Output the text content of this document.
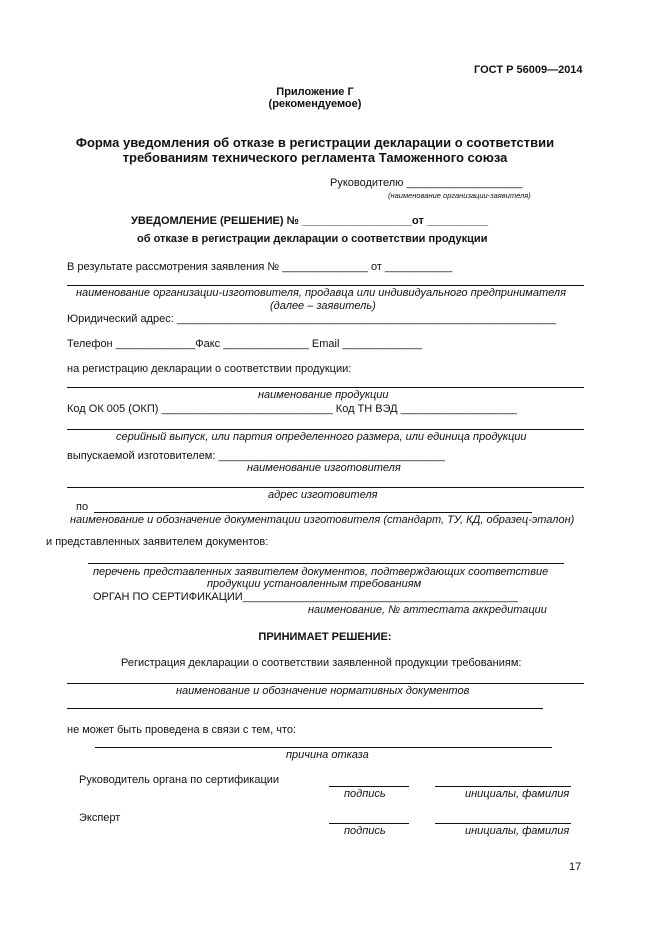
ГОСТ Р 56009—2014
Приложение Г
(рекомендуемое)
Форма уведомления об отказе в регистрации декларации о соответствии
требованиям технического регламента Таможенного союза
Руководителю ___________________
(наименование организации-заявителя)
УВЕДОМЛЕНИЕ (РЕШЕНИЕ) № __________________от __________
об отказе в регистрации декларации о соответствии продукции
В результате рассмотрения заявления № ______________ от ___________
наименование организации-изготовителя, продавца или индивидуального предпринимателя
(далее – заявитель)
Юридический адрес: ______________________________________________________________
Телефон _____________Факс ______________ Email _____________
на регистрацию декларации о соответствии продукции:
наименование продукции
Код ОК 005 (ОКП) ____________________________ Код ТН ВЭД ___________________
серийный выпуск, или партия определенного размера, или единица продукции
выпускаемой изготовителем: _____________________________________
наименование изготовителя
адрес изготовителя
по
наименование и обозначение документации изготовителя (стандарт, ТУ, КД, образец-эталон)
и представленных заявителем документов:
перечень представленных заявителем документов, подтверждающих соответствие
продукции установленным требованиям
ОРГАН ПО СЕРТИФИКАЦИИ_____________________________________________
наименование, № аттестата аккредитации
ПРИНИМАЕТ РЕШЕНИЕ:
Регистрация декларации о соответствии заявленной продукции требованиям:
наименование и обозначение нормативных документов
не может быть проведена в связи с тем, что:
причина отказа
Руководитель органа по сертификации
подпись	инициалы, фамилия
Эксперт
подпись	инициалы, фамилия
17
